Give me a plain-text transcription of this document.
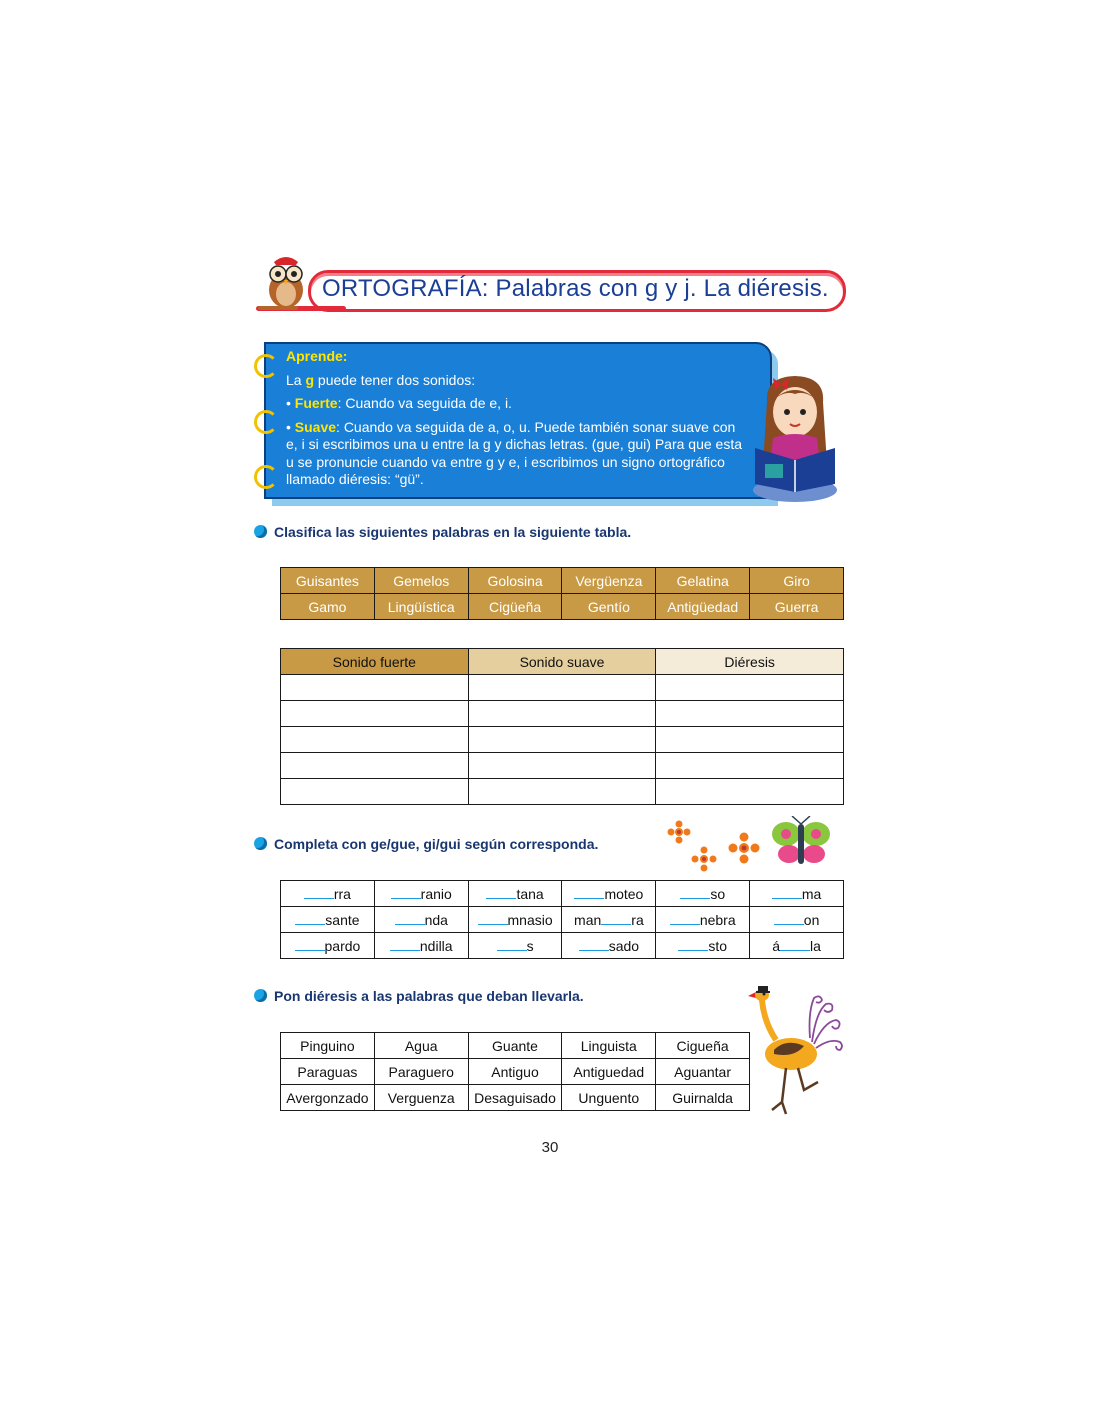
ORTOGRAFÍA: Palabras con g y j. La diéresis.

Aprende:

La g puede tener dos sonidos:

• Fuerte: Cuando va seguida de e, i.

• Suave: Cuando va seguida de a, o, u. Puede también sonar suave con e, i si escribimos una u entre la g y dichas letras. (gue, gui) Para que esta u se pronuncie cuando va entre g y e, i escribimos un signo ortográfico llamado diéresis: “gü”.

Clasifica las siguientes palabras en la siguiente tabla.
Guisantes	Gemelos	Golosina	Vergüenza	Gelatina	Giro
Gamo	Lingüística	Cigüeña	Gentío	Antigüedad	Guerra
Sonido fuerte	Sonido suave	Diéresis

Completa con ge/gue, gi/gui según corresponda.
rra	ranio	tana	moteo	so	ma
sante	nda	mnasio	man ra	nebra	on
pardo	ndilla	s	sado	sto	á la
Pon diéresis a las palabras que deban llevarla.
Pinguino	Agua	Guante	Linguista	Cigueña
Paraguas	Paraguero	Antiguo	Antiguedad	Aguantar
Avergonzado	Verguenza	Desaguisado	Unguento	Guirnalda
30
